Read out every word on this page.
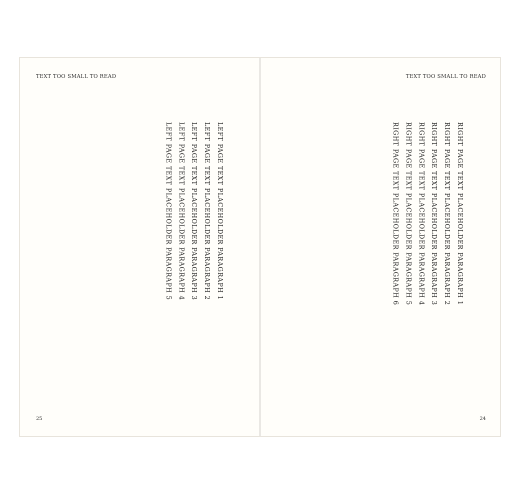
TEXT TOO SMALL TO READ

LEFT PAGE TEXT PLACEHOLDER PARAGRAPH 1

LEFT PAGE TEXT PLACEHOLDER PARAGRAPH 2

LEFT PAGE TEXT PLACEHOLDER PARAGRAPH 3

LEFT PAGE TEXT PLACEHOLDER PARAGRAPH 4

LEFT PAGE TEXT PLACEHOLDER PARAGRAPH 5

25
TEXT TOO SMALL TO READ

RIGHT PAGE TEXT PLACEHOLDER PARAGRAPH 1

RIGHT PAGE TEXT PLACEHOLDER PARAGRAPH 2

RIGHT PAGE TEXT PLACEHOLDER PARAGRAPH 3

RIGHT PAGE TEXT PLACEHOLDER PARAGRAPH 4

RIGHT PAGE TEXT PLACEHOLDER PARAGRAPH 5

RIGHT PAGE TEXT PLACEHOLDER PARAGRAPH 6

24
